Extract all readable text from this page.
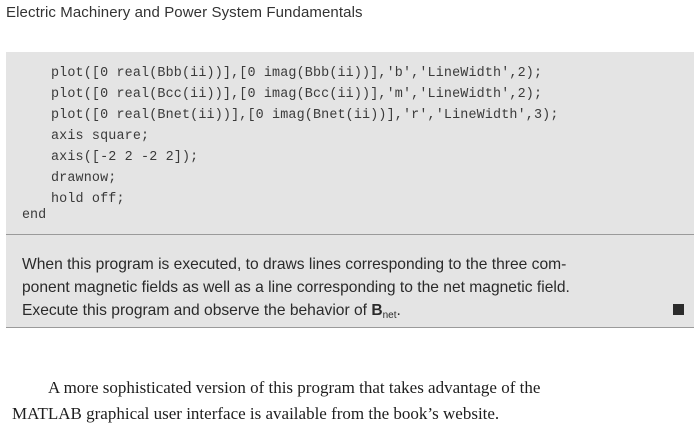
Electric Machinery and Power System Fundamentals
plot([0 real(Bbb(ii))],[0 imag(Bbb(ii))],'b','LineWidth',2);
plot([0 real(Bcc(ii))],[0 imag(Bcc(ii))],'m','LineWidth',2);
plot([0 real(Bnet(ii))],[0 imag(Bnet(ii))],'r','LineWidth',3);
axis square;
axis([-2 2 -2 2]);
drawnow;
hold off;
end
When this program is executed, to draws lines corresponding to the three com-
ponent magnetic fields as well as a line corresponding to the net magnetic field.
Execute this program and observe the behavior of $B_{net}$.
A more sophisticated version of this program that takes advantage of the
MATLAB graphical user interface is available from the book’s website.
